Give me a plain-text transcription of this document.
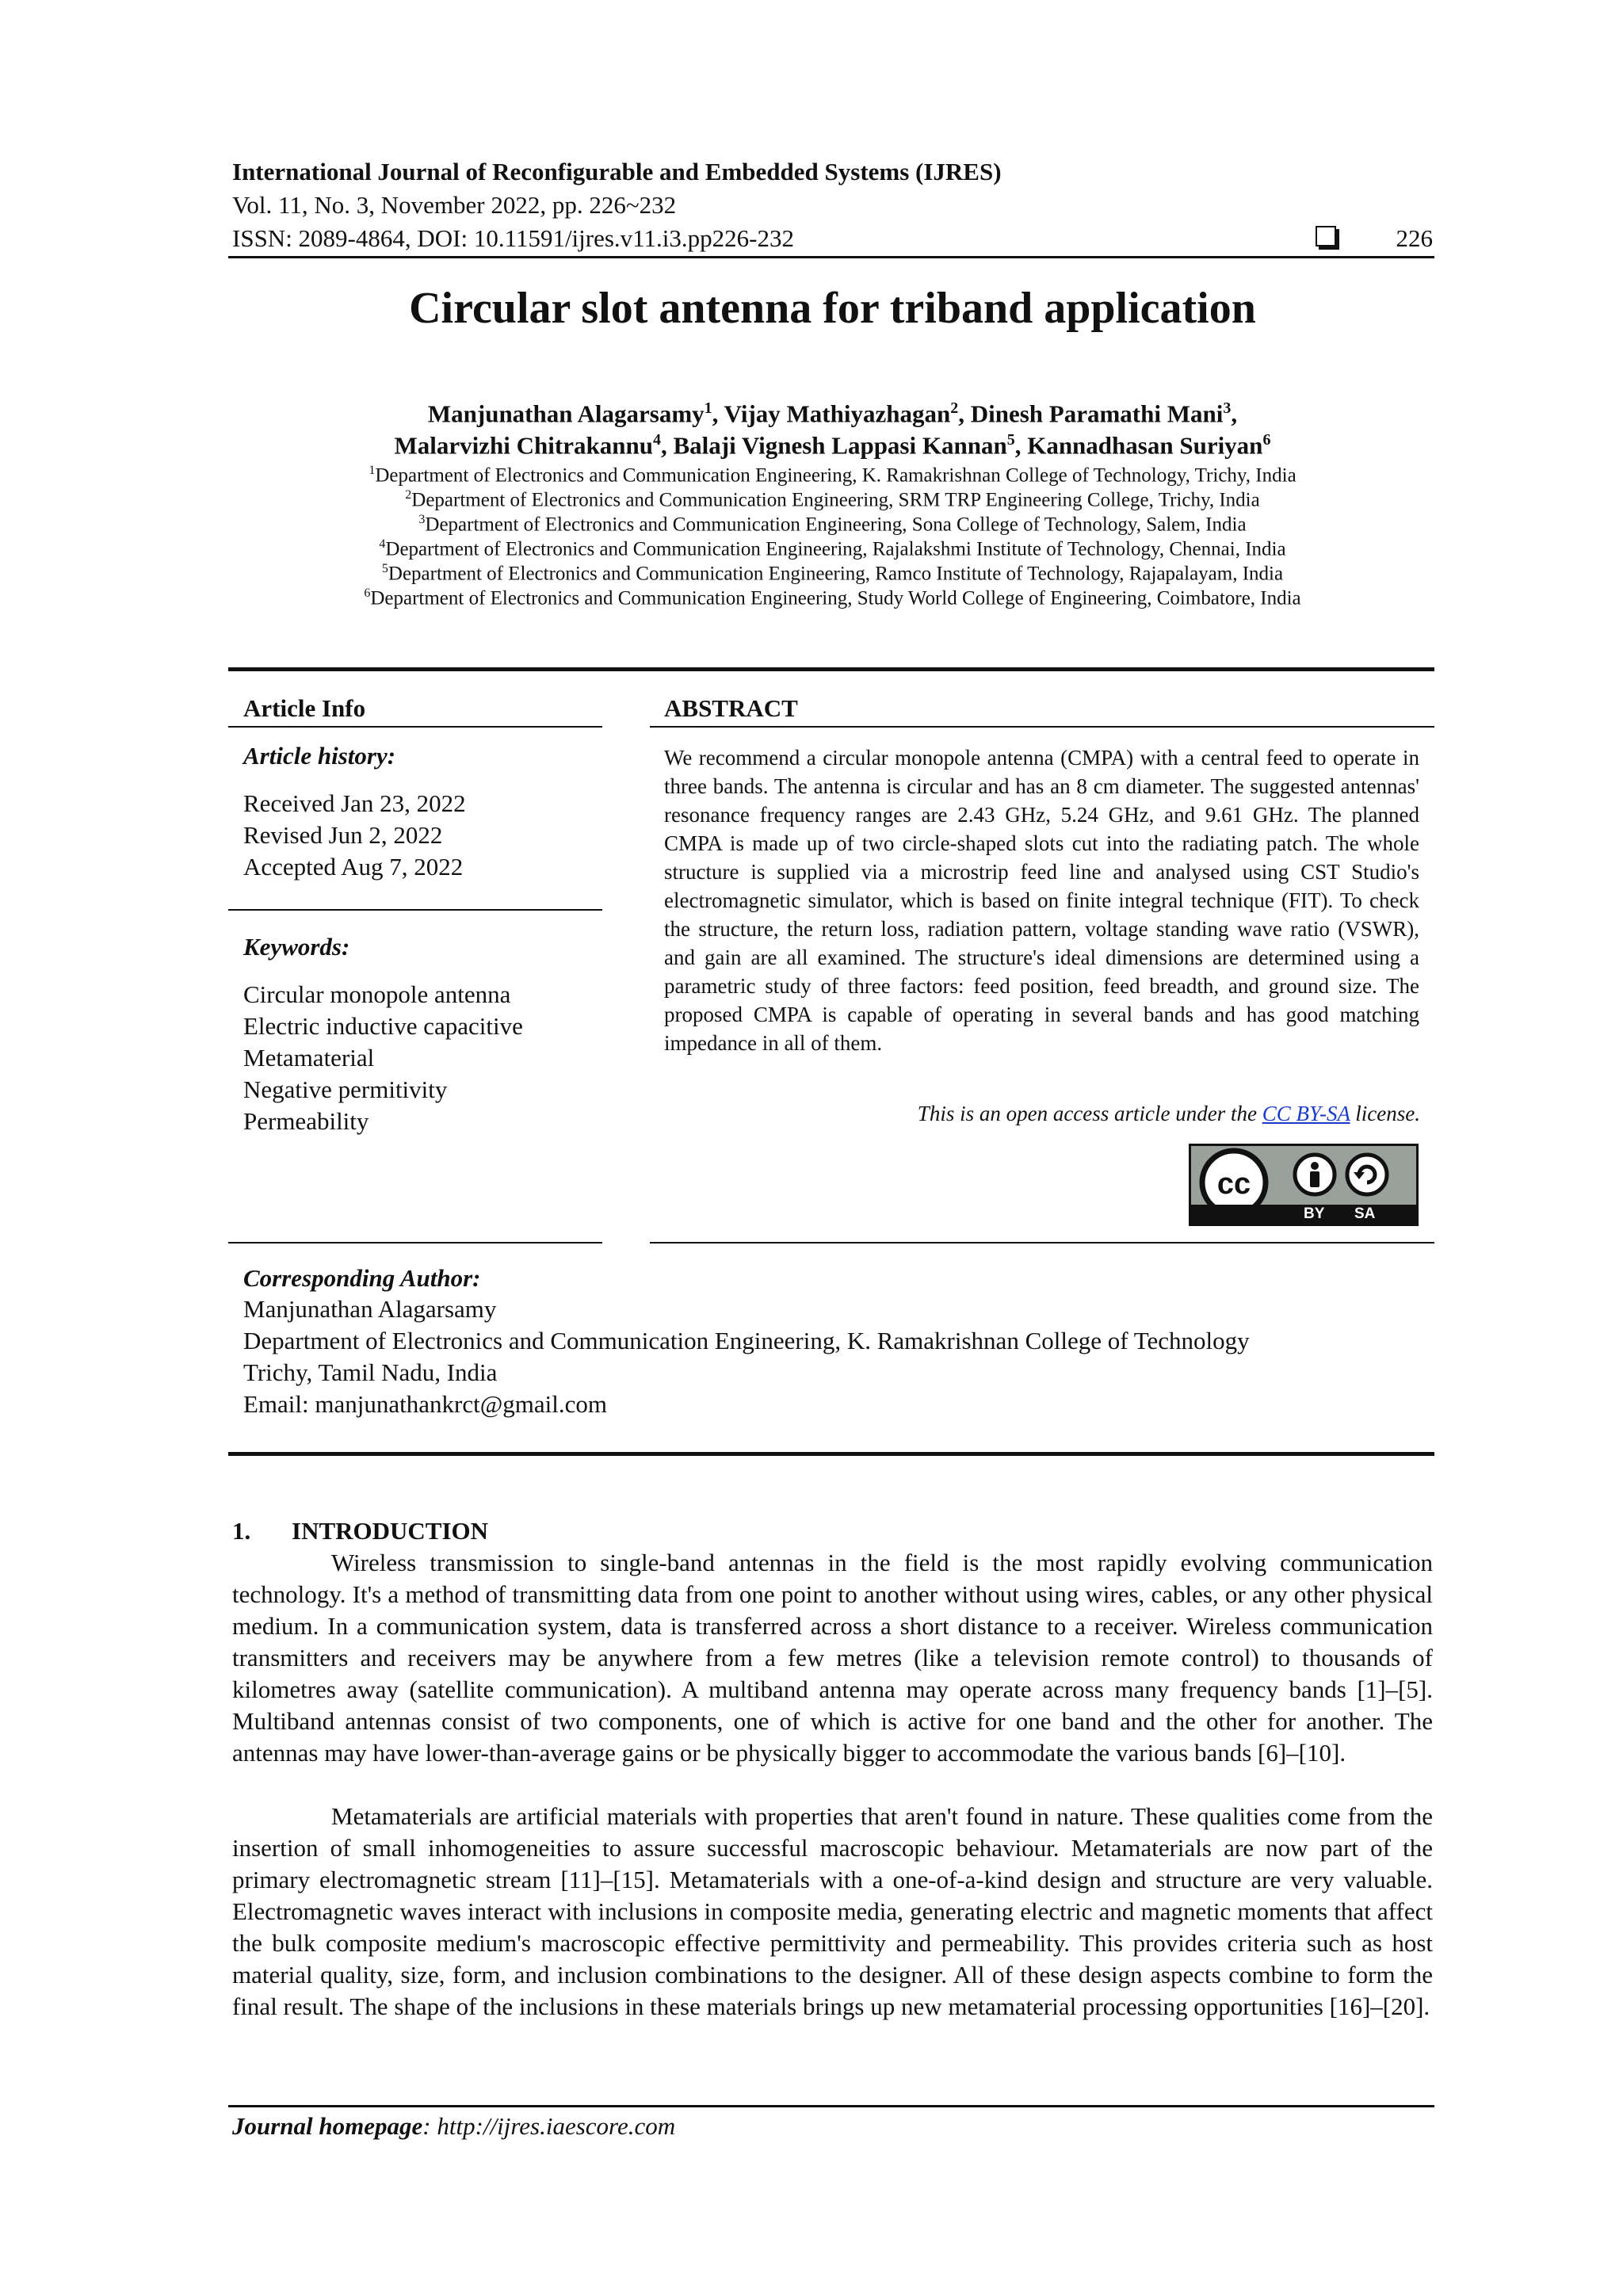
International Journal of Reconfigurable and Embedded Systems (IJRES)
Vol. 11, No. 3, November 2022, pp. 226~232
ISSN: 2089-4864, DOI: 10.11591/ijres.v11.i3.pp226-232	226
Circular slot antenna for triband application
Manjunathan Alagarsamy$^1$, Vijay Mathiyazhagan$^2$, Dinesh Paramathi Mani$^3$,
Malarvizhi Chitrakannu$^4$, Balaji Vignesh Lappasi Kannan$^5$, Kannadhasan Suriyan$^6$
$^1$Department of Electronics and Communication Engineering, K. Ramakrishnan College of Technology, Trichy, India
$^2$Department of Electronics and Communication Engineering, SRM TRP Engineering College, Trichy, India
$^3$Department of Electronics and Communication Engineering, Sona College of Technology, Salem, India
$^4$Department of Electronics and Communication Engineering, Rajalakshmi Institute of Technology, Chennai, India
$^5$Department of Electronics and Communication Engineering, Ramco Institute of Technology, Rajapalayam, India
$^6$Department of Electronics and Communication Engineering, Study World College of Engineering, Coimbatore, India
Article Info
Article history:
Received Jan 23, 2022
Revised Jun 2, 2022
Accepted Aug 7, 2022
Keywords:
Circular monopole antenna
Electric inductive capacitive
Metamaterial
Negative permitivity
Permeability
ABSTRACT
We recommend a circular monopole antenna (CMPA) with a central feed to operate in three bands. The antenna is circular and has an 8 cm diameter. The suggested antennas' resonance frequency ranges are 2.43 GHz, 5.24 GHz, and 9.61 GHz. The planned CMPA is made up of two circle-shaped slots cut into the radiating patch. The whole structure is supplied via a microstrip feed line and analysed using CST Studio's electromagnetic simulator, which is based on finite integral technique (FIT). To check the structure, the return loss, radiation pattern, voltage standing wave ratio (VSWR), and gain are all examined. The structure's ideal dimensions are determined using a parametric study of three factors: feed position, feed breadth, and ground size. The proposed CMPA is capable of operating in several bands and has good matching impedance in all of them.
This is an open access article under the CC BY-SA license.
cc
BY SA
Corresponding Author:
Manjunathan Alagarsamy
Department of Electronics and Communication Engineering, K. Ramakrishnan College of Technology
Trichy, Tamil Nadu, India
Email: manjunathankrct@gmail.com
1. INTRODUCTION
Wireless transmission to single-band antennas in the field is the most rapidly evolving communication technology. It's a method of transmitting data from one point to another without using wires, cables, or any other physical medium. In a communication system, data is transferred across a short distance to a receiver. Wireless communication transmitters and receivers may be anywhere from a few metres (like a television remote control) to thousands of kilometres away (satellite communication). A multiband antenna may operate across many frequency bands [1]–[5]. Multiband antennas consist of two components, one of which is active for one band and the other for another. The antennas may have lower-than-average gains or be physically bigger to accommodate the various bands [6]–[10].
Metamaterials are artificial materials with properties that aren't found in nature. These qualities come from the insertion of small inhomogeneities to assure successful macroscopic behaviour. Metamaterials are now part of the primary electromagnetic stream [11]–[15]. Metamaterials with a one-of-a-kind design and structure are very valuable. Electromagnetic waves interact with inclusions in composite media, generating electric and magnetic moments that affect the bulk composite medium's macroscopic effective permittivity and permeability. This provides criteria such as host material quality, size, form, and inclusion combinations to the designer. All of these design aspects combine to form the final result. The shape of the inclusions in these materials brings up new metamaterial processing opportunities [16]–[20].
Journal homepage: http://ijres.iaescore.com
